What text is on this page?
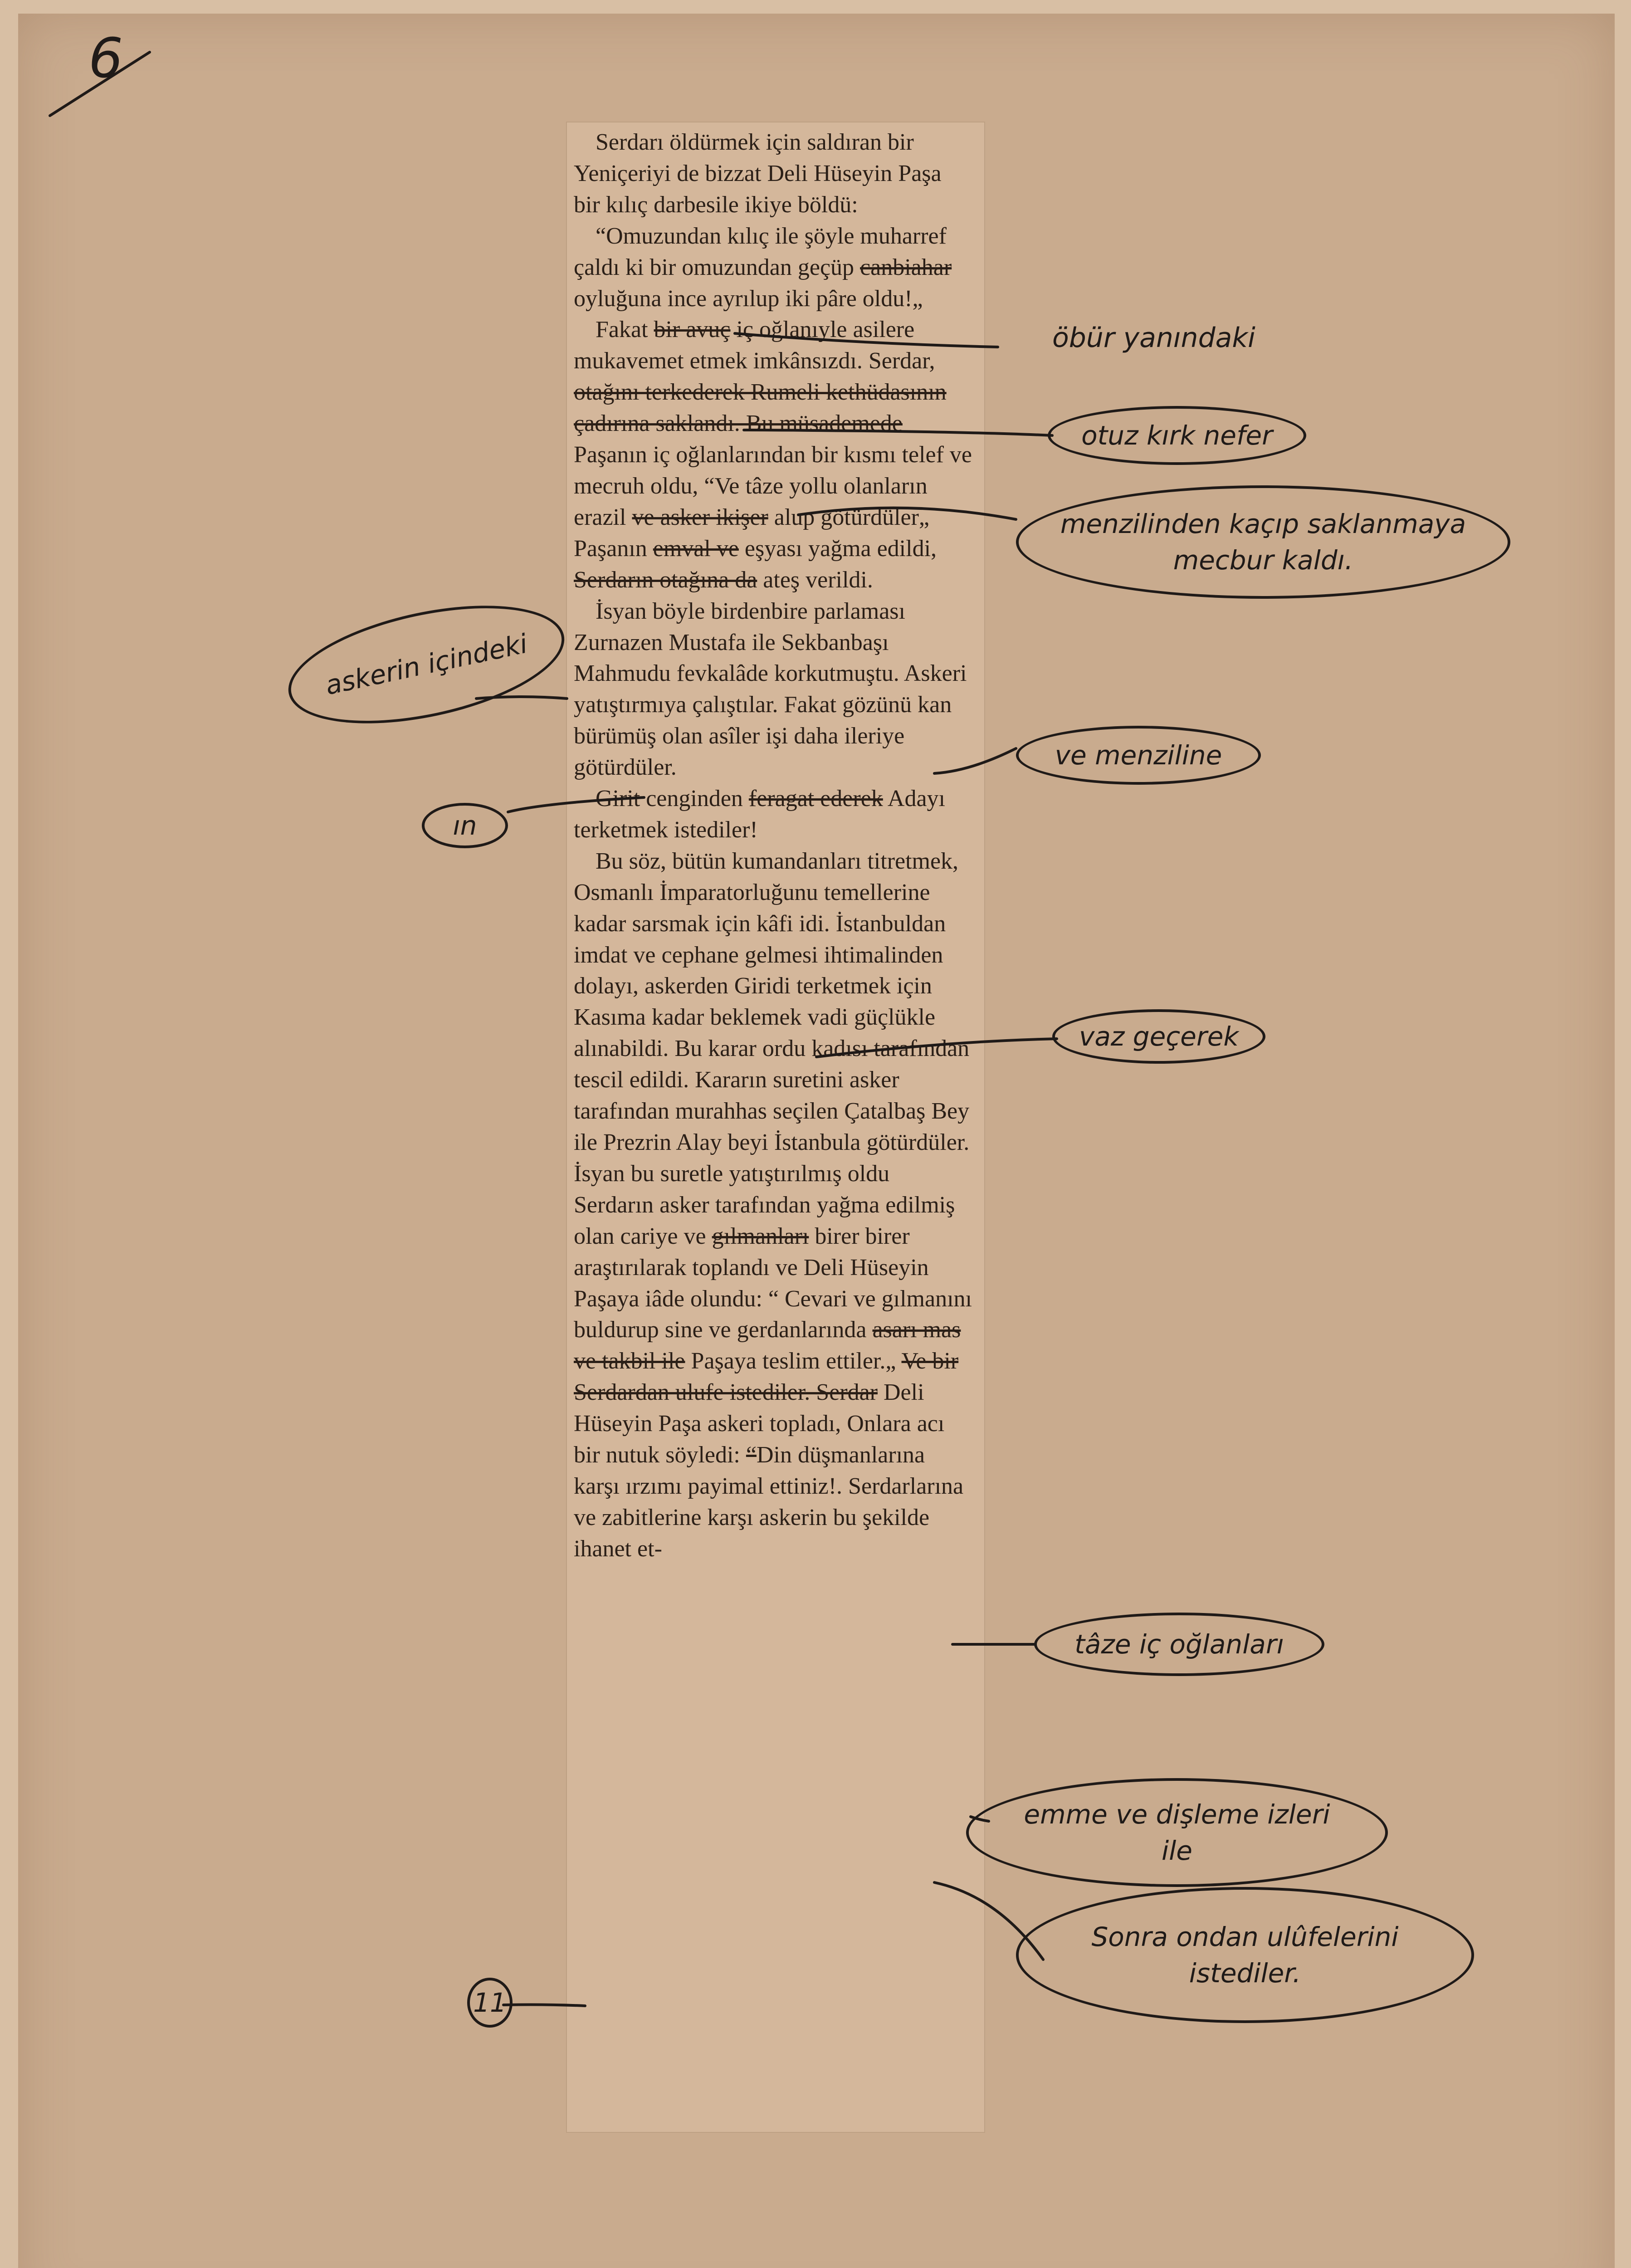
6

Serdarı öldürmek için saldıran bir Yeniçeriyi de bizzat Deli Hüseyin Paşa bir kılıç darbesile ikiye böldü:

“Omuzundan kılıç ile şöyle muharref çaldı ki bir omuzundan geçüp canbiahar oyluğuna ince ayrılup iki pâre oldu!„

Fakat bir avuç iç oğlanıyle asilere mukavemet etmek imkânsızdı. Serdar, otağını terkederek Rumeli kethüdasının çadırına saklandı. Bu müsademede Paşanın iç oğlanlarından bir kısmı telef ve mecruh oldu, “Ve tâze yollu olanların erazil ve asker ikişer alup götürdüler„ Paşanın emval ve eşyası yağma edildi, Serdarın otağına da ateş verildi.

İsyan böyle birdenbire parlaması Zurnazen Mustafa ile Sekbanbaşı Mahmudu fevkalâde korkutmuştu. Askeri yatıştırmıya çalıştılar. Fakat gözünü kan bürümüş olan asîler işi daha ileriye götürdüler.

Girit cenginden feragat ederek Adayı terketmek istediler!

Bu söz, bütün kumandanları titretmek, Osmanlı İmparatorluğunu temellerine kadar sarsmak için kâfi idi. İstanbuldan imdat ve cephane gelmesi ihtimalinden dolayı, askerden Giridi terketmek için Kasıma kadar beklemek vadi güçlükle alınabildi. Bu karar ordu kadısı tarafından tescil edildi. Kararın suretini asker tarafından murahhas seçilen Çatalbaş Bey ile Prezrin Alay beyi İstanbula götürdüler. İsyan bu suretle yatıştırılmış oldu Serdarın asker tarafından yağma edilmiş olan cariye ve gılmanları birer birer araştırılarak toplandı ve Deli Hüseyin Paşaya iâde olundu: “ Cevari ve gılmanını buldurup sine ve gerdanlarında asarı mas ve takbil ile Paşaya teslim ettiler.„ Ve bir Serdardan ulufe istediler. Serdar Deli Hüseyin Paşa askeri topladı, Onlara acı bir nutuk söyledi: “Din düşmanlarına karşı ırzımı payimal ettiniz!. Serdarlarına ve zabitlerine karşı askerin bu şekilde ihanet et-

öbür yanındaki
otuz kırk nefer
menzilinden kaçıp saklanmaya mecbur kaldı.
askerin içindeki
ve menziline
ın
vaz geçerek
tâze iç oğlanları
emme ve dişleme izleri ile
Sonra ondan ulûfelerini istediler.
11
